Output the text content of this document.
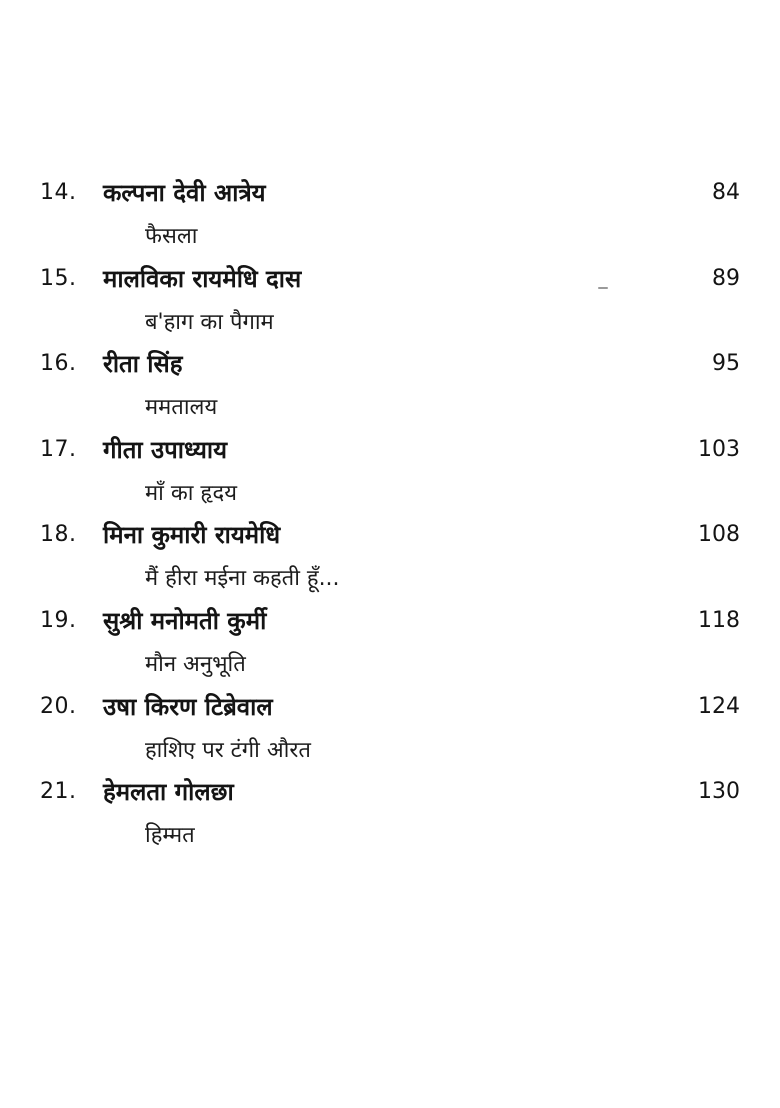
14. कल्पना देवी आत्रेय
फैसला
84
15. मालविका रायमेधि दास
ब'हाग का पैगाम
89
16. रीता सिंह
ममतालय
95
17. गीता उपाध्याय
माँ का हृदय
103
18. मिना कुमारी रायमेधि
मैं हीरा मईना कहती हूँ...
108
19. सुश्री मनोमती कुर्मी
मौन अनुभूति
118
20. उषा किरण टिब्रेवाल
हाशिए पर टंगी औरत
124
21. हेमलता गोलछा
हिम्मत
130
